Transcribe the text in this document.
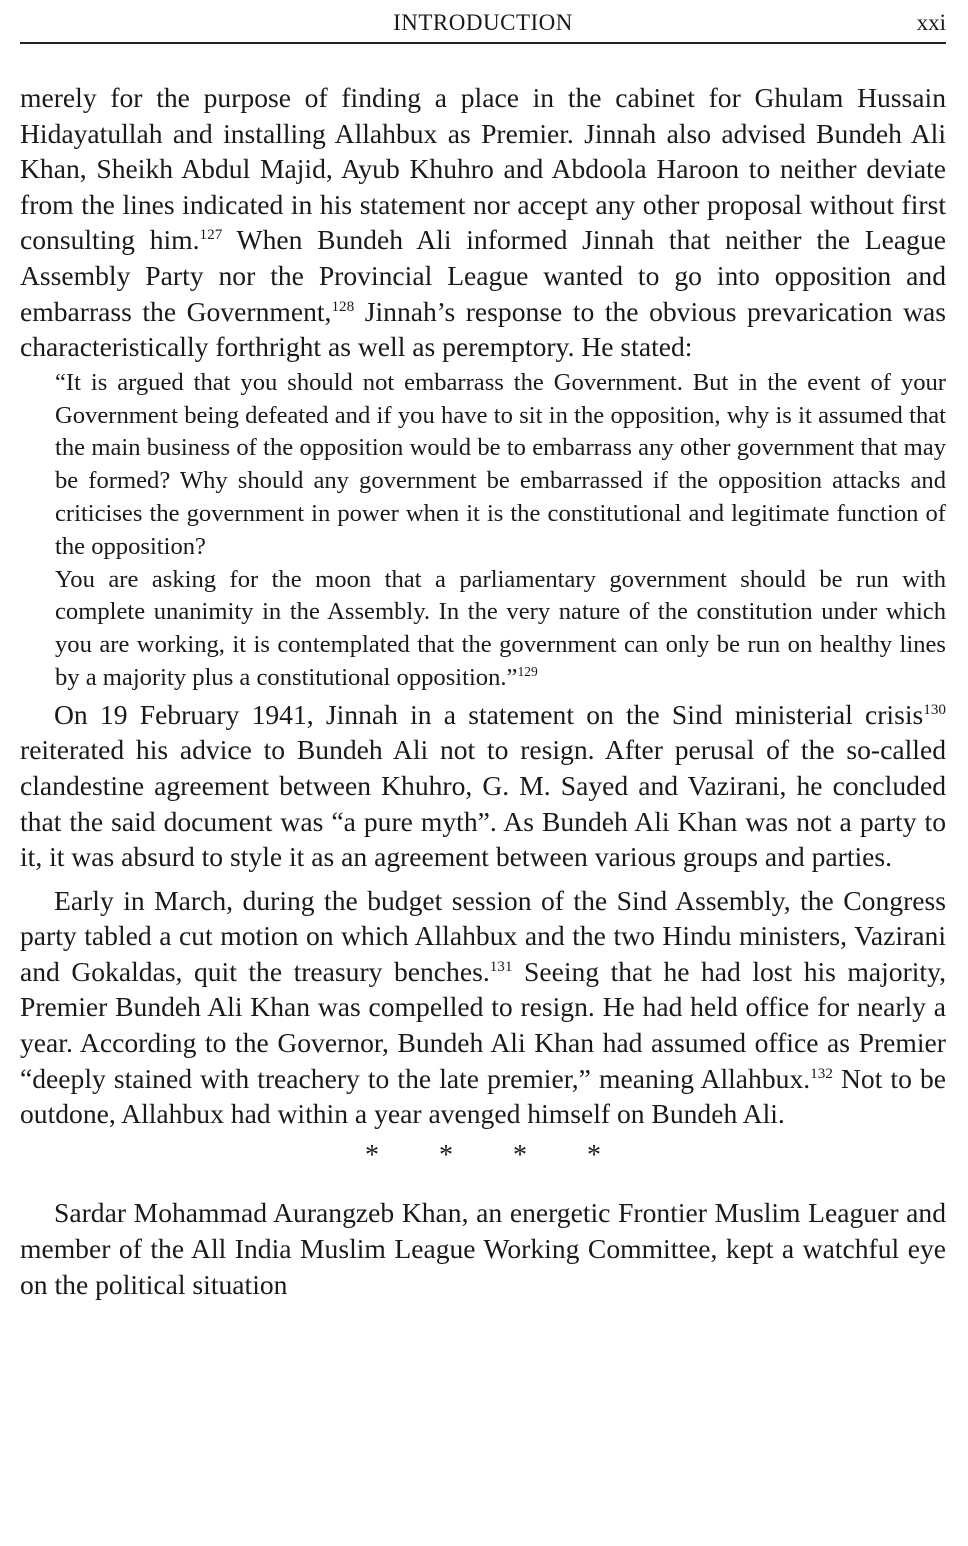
INTRODUCTION	xxi

merely for the purpose of finding a place in the cabinet for Ghulam Hussain Hidayatullah and installing Allahbux as Premier. Jinnah also advised Bundeh Ali Khan, Sheikh Abdul Majid, Ayub Khuhro and Abdoola Haroon to neither deviate from the lines indicated in his statement nor accept any other proposal without first consulting him.$^{127}$ When Bundeh Ali informed Jinnah that neither the League Assembly Party nor the Provincial League wanted to go into opposition and embarrass the Government,$^{128}$ Jinnah’s response to the obvious prevarication was characteristically forthright as well as peremptory. He stated:

“It is argued that you should not embarrass the Government. But in the event of your Government being defeated and if you have to sit in the opposition, why is it assumed that the main business of the opposition would be to embarrass any other government that may be formed? Why should any government be embarrassed if the opposition attacks and criticises the government in power when it is the constitutional and legitimate function of the opposition?

You are asking for the moon that a parliamentary government should be run with complete unanimity in the Assembly. In the very nature of the constitution under which you are working, it is contemplated that the government can only be run on healthy lines by a majority plus a constitutional opposition.”$^{129}$

On 19 February 1941, Jinnah in a statement on the Sind ministerial crisis$^{130}$ reiterated his advice to Bundeh Ali not to resign. After perusal of the so-called clandestine agreement between Khuhro, G. M. Sayed and Vazirani, he concluded that the said document was “a pure myth”. As Bundeh Ali Khan was not a party to it, it was absurd to style it as an agreement between various groups and parties.

Early in March, during the budget session of the Sind Assembly, the Congress party tabled a cut motion on which Allahbux and the two Hindu ministers, Vazirani and Gokaldas, quit the treasury benches.$^{131}$ Seeing that he had lost his majority, Premier Bundeh Ali Khan was compelled to resign. He had held office for nearly a year. According to the Governor, Bundeh Ali Khan had assumed office as Premier “deeply stained with treachery to the late premier,” meaning Allahbux.$^{132}$ Not to be outdone, Allahbux had within a year avenged himself on Bundeh Ali.

* * * *

Sardar Mohammad Aurangzeb Khan, an energetic Frontier Muslim Leaguer and member of the All India Muslim League Working Committee, kept a watchful eye on the political situation
